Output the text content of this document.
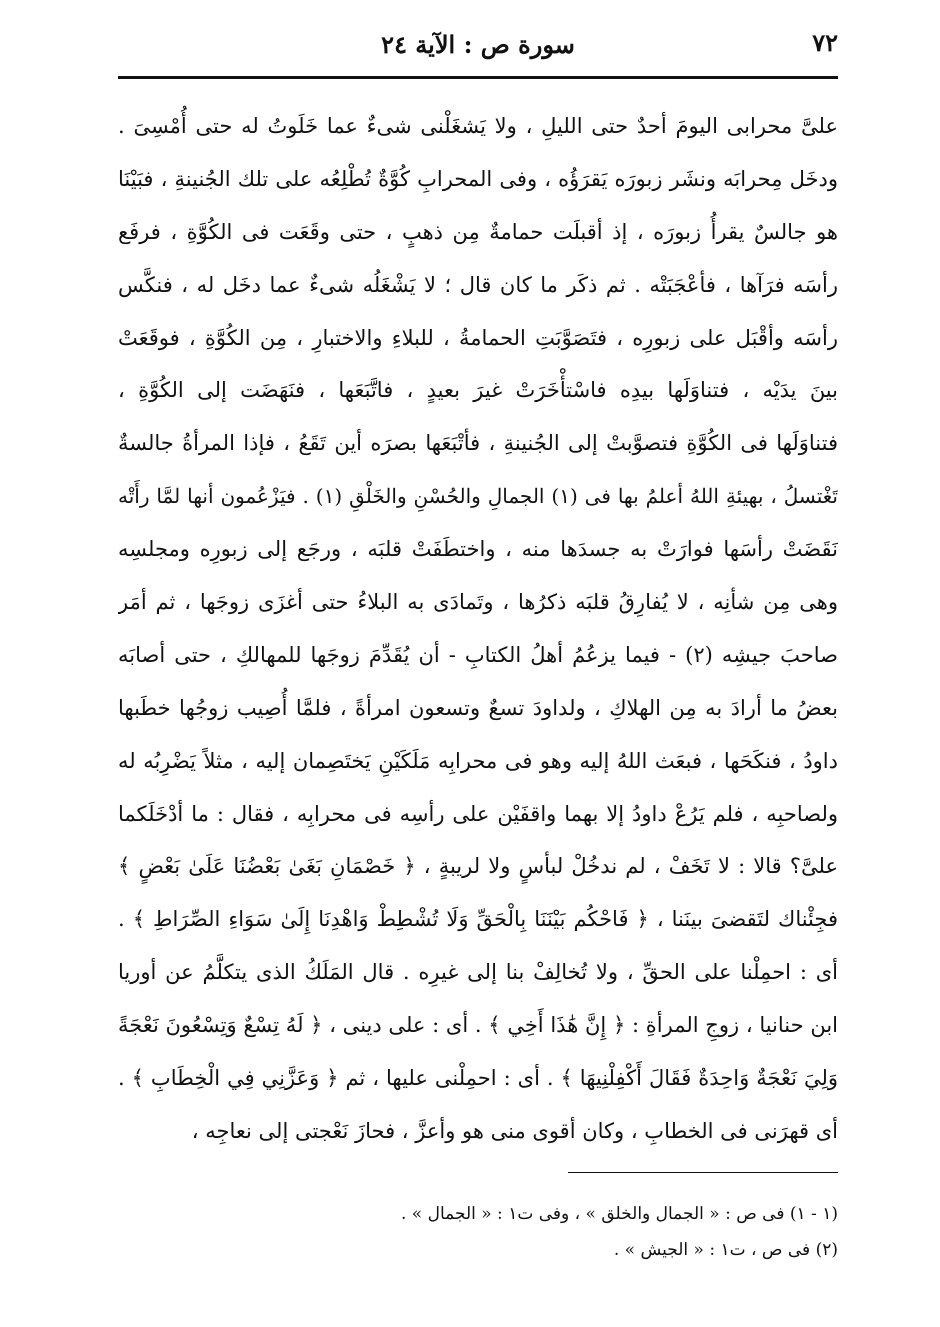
٧٢
سورة ص : الآية ٢٤
علىَّ محرابى اليومَ أحدٌ حتى الليلِ ، ولا يَشغَلْنى شىءٌ عما خَلَوتُ له حتى أُمْسِىَ .
ودخَل مِحرابَه ونشَر زبورَه يَقرَؤُه ، وفى المحرابِ كُوَّةٌ تُطْلِعُه على تلك الجُنينةِ ، فبَيْنَا
هو جالسٌ يقرأُ زبورَه ، إذ أقبلَت حمامةٌ مِن ذهبٍ ، حتى وقَعَت فى الكُوَّةِ ، فرفَع
رأسَه فرَآها ، فأعْجَبَتْه . ثم ذكَر ما كان قال ؛ لا يَشْغَلُه شىءٌ عما دخَل له ، فنكَّس
رأسَه وأقْبَل على زبورِه ، فتَصَوَّبَتِ الحمامةُ ، للبلاءِ والاختبارِ ، مِن الكُوَّةِ ، فوقَعَتْ
بينَ يدَيْه ، فتناوَلَها بيدِه فاسْتأْخَرَتْ غيرَ بعيدٍ ، فاتَّبَعَها ، فنَهَضَت إلى الكُوَّةِ ،
فتناوَلَها فى الكُوَّةِ فتصوَّبتْ إلى الجُنينةِ ، فأتْبَعَها بصرَه أين تَقَعُ ، فإذا المرأةُ جالسةٌ
تَغْتسلُ ، بهيئةِ اللهُ أعلمُ بها فى (١) الجمالِ والحُسْنِ والخَلْقِ (١) . فيَزْعُمون أنها لمَّا رأَتْه
نَقَضَتْ رأسَها فوارَتْ به جسدَها منه ، واختطَفَتْ قلبَه ، ورجَع إلى زبورِه ومجلسِه
وهى مِن شأنِه ، لا يُفارِقُ قلبَه ذكرُها ، وتَمادَى به البلاءُ حتى أغزَى زوجَها ، ثم أمَر
صاحبَ جيشِه (٢) - فيما يزعُمُ أهلُ الكتابِ - أن يُقَدِّمَ زوجَها للمهالكِ ، حتى أصابَه
بعضُ ما أرادَ به مِن الهلاكِ ، ولداودَ تسعٌ وتسعون امرأةً ، فلمَّا أُصِيب زوجُها خطَبها
داودُ ، فنكَحَها ، فبعَث اللهُ إليه وهو فى محرابِه مَلَكَيْنِ يَختَصِمان إليه ، مثلاً يَضْرِبُه له
ولصاحبِه ، فلم يَرُعْ داودُ إلا بهما واقفَيْن على رأسِه فى محرابِه ، فقال : ما أدْخَلَكما
علىَّ؟ قالا : لا تَخَفْ ، لم ندخُلْ لبأسٍ ولا لريبةٍ ، ﴿ خَصْمَانِ بَغَىٰ بَعْضُنَا عَلَىٰ بَعْضٍ ﴾
فجِئْناك لتَقضىَ بينَنا ، ﴿ فَاحْكُم بَيْنَنَا بِالْحَقِّ وَلَا تُشْطِطْ وَاهْدِنَا إِلَىٰ سَوَاءِ الصِّرَاطِ ﴾ .
أى : احمِلْنا على الحقِّ ، ولا تُخالِفْ بنا إلى غيرِه . قال المَلَكُ الذى يتكلَّمُ عن أوريا
ابن حنانيا ، زوجِ المرأةِ : ﴿ إِنَّ هَٰذَا أَخِي ﴾ . أى : على دينى ، ﴿ لَهُ تِسْعٌ وَتِسْعُونَ نَعْجَةً
وَلِيَ نَعْجَةٌ وَاحِدَةٌ فَقَالَ أَكْفِلْنِيهَا ﴾ . أى : احمِلْنى عليها ، ثم ﴿ وَعَزَّنِي فِي الْخِطَابِ ﴾ .
أى قهرَنى فى الخطابِ ، وكان أقوى منى هو وأعزَّ ، فحازَ نَعْجتى إلى نعاجِه ،
(١ - ١) فى ص : « الجمال والخلق » ، وفى ت١ : « الجمال » .
(٢) فى ص ، ت١ : « الجيش » .
